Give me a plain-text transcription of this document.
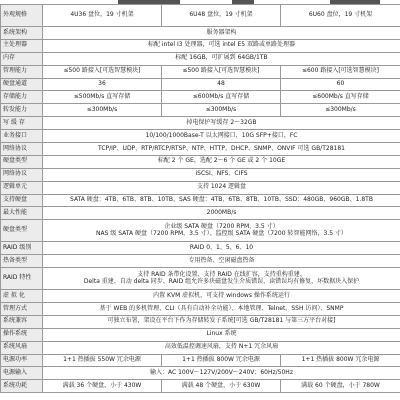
外观规格	4U36 盘位，19 寸机架	6U48 盘位，19 寸机架	6U60 盘位，19 寸机架
系统架构	服务器架构		
主处理器	标配 intel I3 处理器，可选 intel E5 双路或单路处理器		
内存	标配 16GB，可扩展到 64GB/1TB		
管理能力	≤500 路接入[可选智慧模块]	≤500 路接入[可选智慧模块]	≤600 路接入[可选智慧模块]
硬盘通道	36	48	60
存储能力	≤500Mb/s 直写存储	≤600Mb/s 直写存储	≤600Mb/s 直写存储
转发能力	≤300Mb/s	≤300Mb/s	≤300Mb/s
写 缓 存	掉电保护写缓存 2～32GB		
业务接口	10/100/1000Base-T 以太网接口，10G SFP+接口，FC		
网络协议	TCP/IP、UDP、RTP/RTCP/RTSP、NTP、HTTP、DHCP、SNMP、ONVIF 可选 GB/T28181		
硬盘类型	标配 2 个 GE，选配 2～6 个 GE 或 2 个 10GE		
网络协议	iSCSI、NFS、CIFS		
逻辑单元	支持 1024 逻辑盘		
支持硬盘	SATA 硬盘：4TB、6TB、8TB、10TB、SAS 硬盘：4TB、6TB、8TB、10TB、SSD：480GB、960GB、1.8TB		
最大性能	2000MB/s		
硬盘类型	企业级 SATA 硬盘（7200 RPM，3.5 寸）
NAS 级 SATA 硬盘（7200 RPM，3.5 寸）、监控级 SATA 硬盘（7200 转智能网络，3.5 寸）		
RAID 级别	RAID 0、1、5、6、10		
热备类型	专用热备、空闲磁盘热备		
RAID 特性	支持 RAID 条带化设置、支持 RAID 在线扩容，支持重构重建、
Delta 重建、自动 delta 同步、RAID 组允许多块磁盘发生介质错误、读错误均有修复，坏数据块入保护		
虚 拟 化	内置 KVM 虚拟机，可支持 windows 操作系统运行		
管理方式	基于 WEB 的多机管理、CLI（具有自动补全功能）、本地管理、Telnet、SSH 访问）、SNMP		
系统兼容	可独立布署，架设在平台下作为存储转发子系统[可选 GB/T28181 与第三方平台对接]		
操作系统	Linux 系统		
系统风扇	高效低温控调速风扇，支持 N+1 冗余风扇		
电源功率	1+1 热插拔 550W 冗余电源	1+1 热插拔 800W 冗余电源	1+1 热插拔 800W 冗余电源
电源输入	输入：AC 100V～127V/200V～240V；60Hz/50Hz		
系统功耗	满载 36 个硬盘，小于 430W	满载 48 个硬盘，小于 630W	满载 60 个硬盘，小于 780W
